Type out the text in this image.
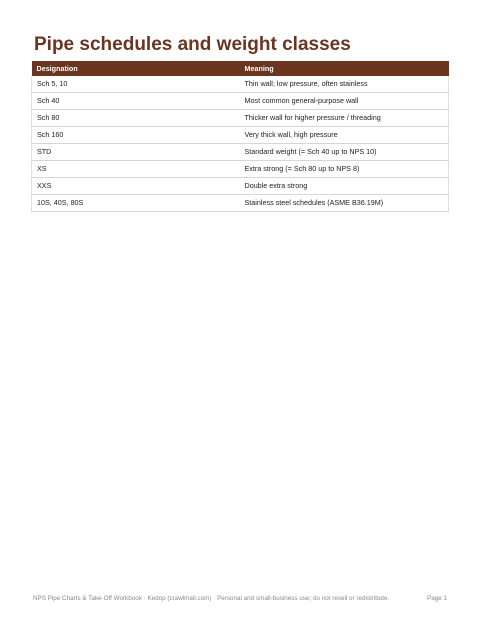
Pipe schedules and weight classes
Designation	Meaning
Sch 5, 10	Thin wall; low pressure, often stainless
Sch 40	Most common general-purpose wall
Sch 80	Thicker wall for higher pressure / threading
Sch 160	Very thick wall, high pressure
STD	Standard weight (= Sch 40 up to NPS 10)
XS	Extra strong (= Sch 80 up to NPS 8)
XXS	Double extra strong
10S, 40S, 80S	Stainless steel schedules (ASME B36.19M)
NPS Pipe Charts & Take-Off Workbook · Kedop (crawlmall.com) · Personal and small-business use; do not resell or redistribute.	Page 1
